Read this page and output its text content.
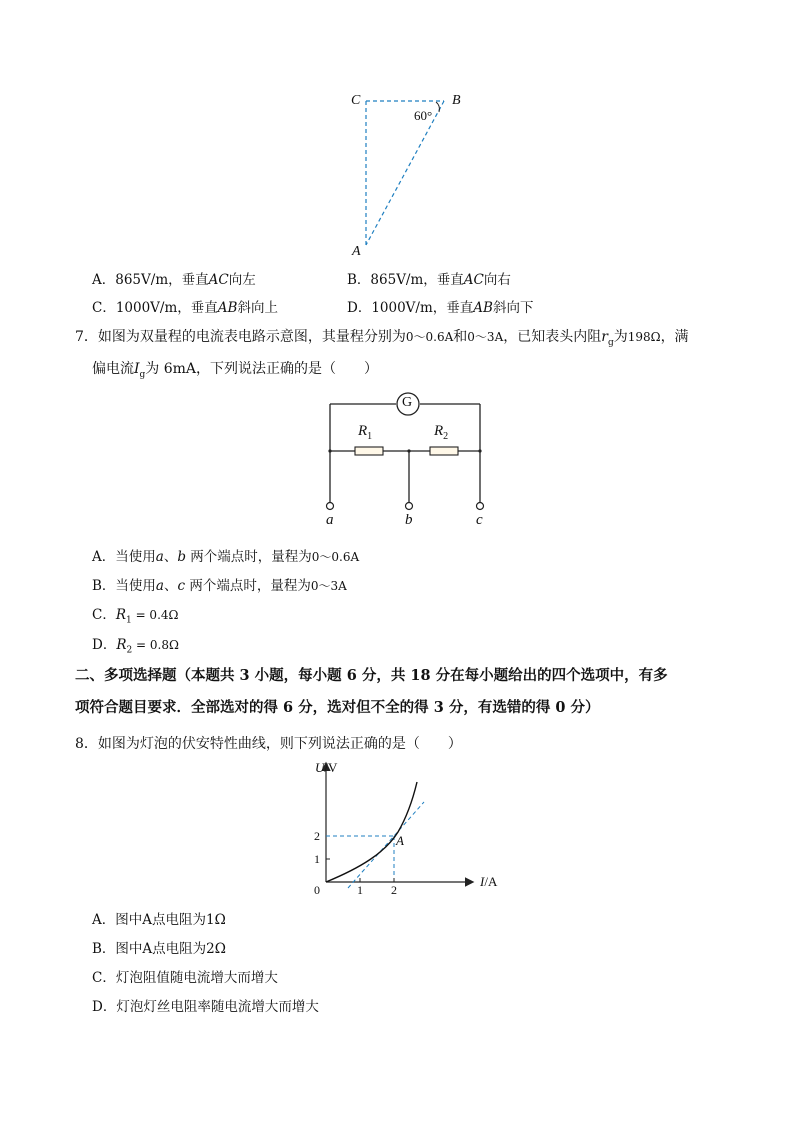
C	B
A
60°
A．865V/m，垂直AC向左	B．865V/m，垂直AC向右
C．1000V/m，垂直AB斜向上	D．1000V/m，垂直AB斜向下
7．如图为双量程的电流表电路示意图，其量程分别为0～0.6A和0～3A，已知表头内阻$r_g$为198Ω，满
偏电流$I_g$为 6mA，下列说法正确的是（　　）
G
$R_1$	$R_2$
a	b	c
A．当使用a、b 两个端点时，量程为0～0.6A
B．当使用a、c 两个端点时，量程为0～3A
C．$R_1 = 0.4\Omega$
D．$R_2 = 0.8\Omega$
二、多项选择题（本题共 3 小题，每小题 6 分，共 18 分在每小题给出的四个选项中，有多
项符合题目要求．全部选对的得 6 分，选对但不全的得 3 分，有选错的得 0 分）
8．如图为灯泡的伏安特性曲线，则下列说法正确的是（　　）
U/V
I/A
0
2
1
1 2
A
A．图中A点电阻为1Ω
B．图中A点电阻为2Ω
C．灯泡阻值随电流增大而增大
D．灯泡灯丝电阻率随电流增大而增大
